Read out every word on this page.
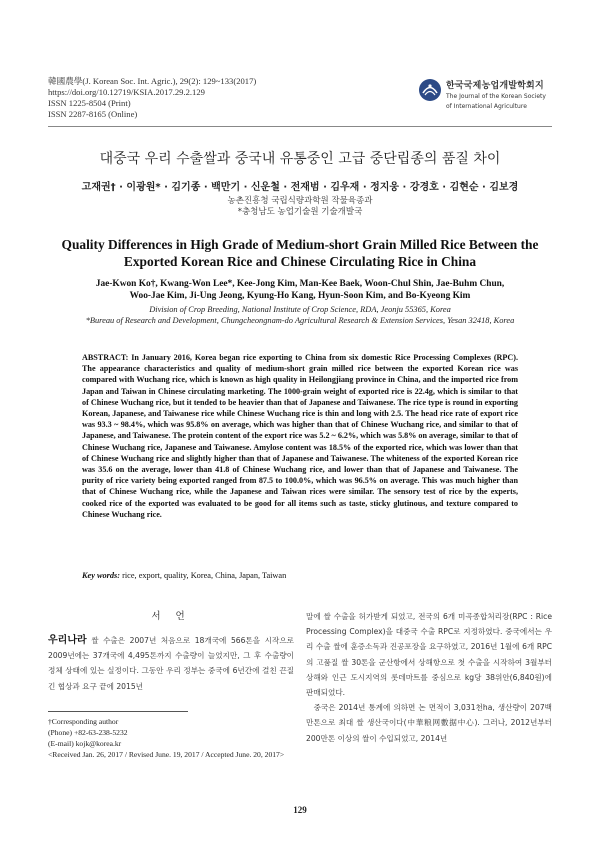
韓國農學(J. Korean Soc. Int. Agric.), 29(2): 129~133(2017)
https://doi.org/10.12719/KSIA.2017.29.2.129
ISSN 1225-8504 (Print)
ISSN 2287-8165 (Online)
한국국제농업개발학회지
The Journal of the Korean Society
of International Agriculture
대중국 우리 수출쌀과 중국내 유통중인 고급 중단립종의 품질 차이
고재권† · 이광원* · 김기종 · 백만기 · 신운철 · 전재범 · 김우재 · 정지웅 · 강경호 · 김현순 · 김보경
농촌진흥청 국립식량과학원 작물육종과
*충청남도 농업기술원 기술개발국
Quality Differences in High Grade of Medium-short Grain Milled Rice Between the Exported Korean Rice and Chinese Circulating Rice in China
Jae-Kwon Ko†, Kwang-Won Lee*, Kee-Jong Kim, Man-Kee Baek, Woon-Chul Shin, Jae-Buhm Chun,
Woo-Jae Kim, Ji-Ung Jeong, Kyung-Ho Kang, Hyun-Soon Kim, and Bo-Kyeong Kim
Division of Crop Breeding, National Institute of Crop Science, RDA, Jeonju 55365, Korea
*Bureau of Research and Development, Chungcheongnam-do Agricultural Research & Extension Services, Yesan 32418, Korea
ABSTRACT: In January 2016, Korea began rice exporting to China from six domestic Rice Processing Complexes (RPC). The appearance characteristics and quality of medium-short grain milled rice between the exported Korean rice was compared with Wuchang rice, which is known as high quality in Heilongjiang province in China, and the imported rice from Japan and Taiwan in Chinese circulating marketing. The 1000-grain weight of exported rice is 22.4g, which is similar to that of Chinese Wuchang rice, but it tended to be heavier than that of Japanese and Taiwanese. The rice type is round in exporting Korean, Japanese, and Taiwanese rice while Chinese Wuchang rice is thin and long with 2.5. The head rice rate of export rice was 93.3 ~ 98.4%, which was 95.8% on average, which was higher than that of Chinese Wuchang rice, and similar to that of Japanese, and Taiwanese. The protein content of the export rice was 5.2 ~ 6.2%, which was 5.8% on average, similar to that of Chinese Wuchang rice, Japanese and Taiwanese. Amylose content was 18.5% of the exported rice, which was lower than that of Chinese Wuchang rice and slightly higher than that of Japanese and Taiwanese. The whiteness of the exported Korean rice was 35.6 on the average, lower than 41.8 of Chinese Wuchang rice, and lower than that of Japanese and Taiwanese. The purity of rice variety being exported ranged from 87.5 to 100.0%, which was 96.5% on average. This was much higher than that of Chinese Wuchang rice, while the Japanese and Taiwan rices were similar. The sensory test of rice by the experts, cooked rice of the exported was evaluated to be good for all items such as taste, sticky glutinous, and texture compared to Chinese Wuchang rice.
Key words: rice, export, quality, Korea, China, Japan, Taiwan
서 언

우리나라 쌀 수출은 2007년 처음으로 18개국에 566톤을 시작으로 2009년에는 37개국에 4,495톤까지 수출량이 늘었지만, 그 후 수출량이 정체 상태에 있는 실정이다. 그동안 우리 정부는 중국에 6년간에 걸친 끈질긴 협상과 요구 끝에 2015년

†Corresponding author
(Phone) +82-63-238-5232
(E-mail) kojk@korea.kr
<Received Jan. 26, 2017 / Revised June. 19, 2017 / Accepted June. 20, 2017>

말에 쌀 수출을 허가받게 되었고, 전국의 6개 미곡종합처리장(RPC : Rice Processing Complex)을 대중국 수출 RPC로 지정하였다. 중국에서는 우리 수출 쌀에 훈증소독과 진공포장을 요구하였고, 2016년 1월에 6개 RPC의 고품질 쌀 30톤을 군산항에서 상해항으로 첫 수출을 시작하여 3월부터 상해와 인근 도시지역의 롯데마트를 중심으로 kg당 38위안(6,840원)에 판매되었다.

중국은 2014년 통계에 의하면 논 면적이 3,031천ha, 생산량이 207백만톤으로 최대 쌀 생산국이다(中華粮网數据中心). 그러나, 2012년부터 200만톤 이상의 쌀이 수입되었고, 2014년

129
